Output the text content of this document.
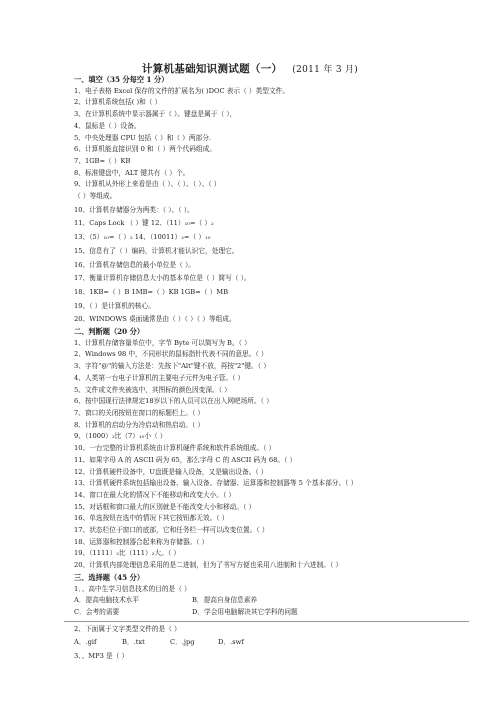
计算机基础知识测试题（一） (2011 年 3 月)
一、填空（35 分每空 1 分）
1、电子表格 Excel 保存的文件的扩展名为( )DOC 表示（ ）类型文件。
2、计算机系统包括( )和（ ）
3、在计算机系统中显示器属于（ ）。键盘是属于（ ），
4、鼠标是（ ）设备。
5、中央处理器 CPU 包括（ ）和（ ）两部分.
6、计算机能直接识别 0 和（ ）两个代码组成。
7、1GB=（ ）KB
8、标准键盘中，ALT 键共有（ ）个。
9、计算机从外形上来看是由（ ）、（ ）、（ ）、（ ）
（ ）等组成。
10、计算机存储器分为两类：（ ）、（ ）。
11、Caps Lock （ ）键 12、（11）₁₀=（ ）₂
13、（5）₁₀=（ ）₂ 14、（10011）₂=（ ）₁₀
15、信息有了（ ）编码，计算机才能认识它，处理它。
16、计算机存储信息的最小单位是（ ）。
17、衡量计算机存储信息大小的基本单位是（ ）简写（ ）。
18、1KB=（ ）B 1MB=（ ）KB 1GB=（ ）MB
19、（ ）是计算机的核心。
20、WINDOWS 桌面通常是由（ ）（ ）（ ）等组成。
二、判断题（20 分）
1、计算机存储容量单位中，字节 Byte 可以简写为 B。（ ）
2、Windows 98 中，不同形状的鼠标指针代表不同的意思。（ ）
3、字符"@"的输入方法是：先按下"Alt"键不放，再按"2"键。（ ）
4、人类第一台电子计算机的主要电子元件为电子管。（ ）
5、文件或文件夹被选中，其图标的颜色因变深。（ ）
6、按中国现行法律规定18岁以下的人员可以在出入网吧场所。（ ）
7、窗口的关闭按钮在窗口的标题栏上。（ ）
8、计算机的启动分为冷启动和热启动。（ ）
9、（1000）₂比（7）₁₀小（ ）
10、一台完整的计算机系统由计算机硬件系统和软件系统组成。（ ）
11、如果字母 A 的 ASCII 码为 65，那么字母 C 的 ASCII 码为 68。（ ）
12、计算机硬件设备中，U盘既是输入设备，又是输出设备。（ ）
13、计算机硬件系统包括输出设备、输入设备、存储器、运算器和控制器等 5 个基本部分。（ ）
14、窗口在最大化的情况下不能移动和改变大小。（ ）
15、对话框和窗口最大的区别就是不能改变大小和移动。（ ）
16、单选按钮在选中的情况下其它按钮都无效。（ ）
17、状态栏位于窗口的底部，它和任务栏一样可以改变位置。（ ）
18、运算器和控制器合起来称为存储器。（ ）
19、（1111）₂比（111）₂大。（ ）
20、计算机内部处理信息采用的是二进制，但为了书写方便也采用八进制和十六进制。（ ）
三、选择题（45 分）
1．、高中生学习信息技术的目的是（ ）
A．提高电脑技术水平	B．提高自身信息素养
C．会考的需要	D．学会用电脑解决其它学科的问题
2、下面属于文字类型文件的是（ ）
A．.gif	B．.txt	C．.jpg	D．.swf
3、、MP3 是（ ）
